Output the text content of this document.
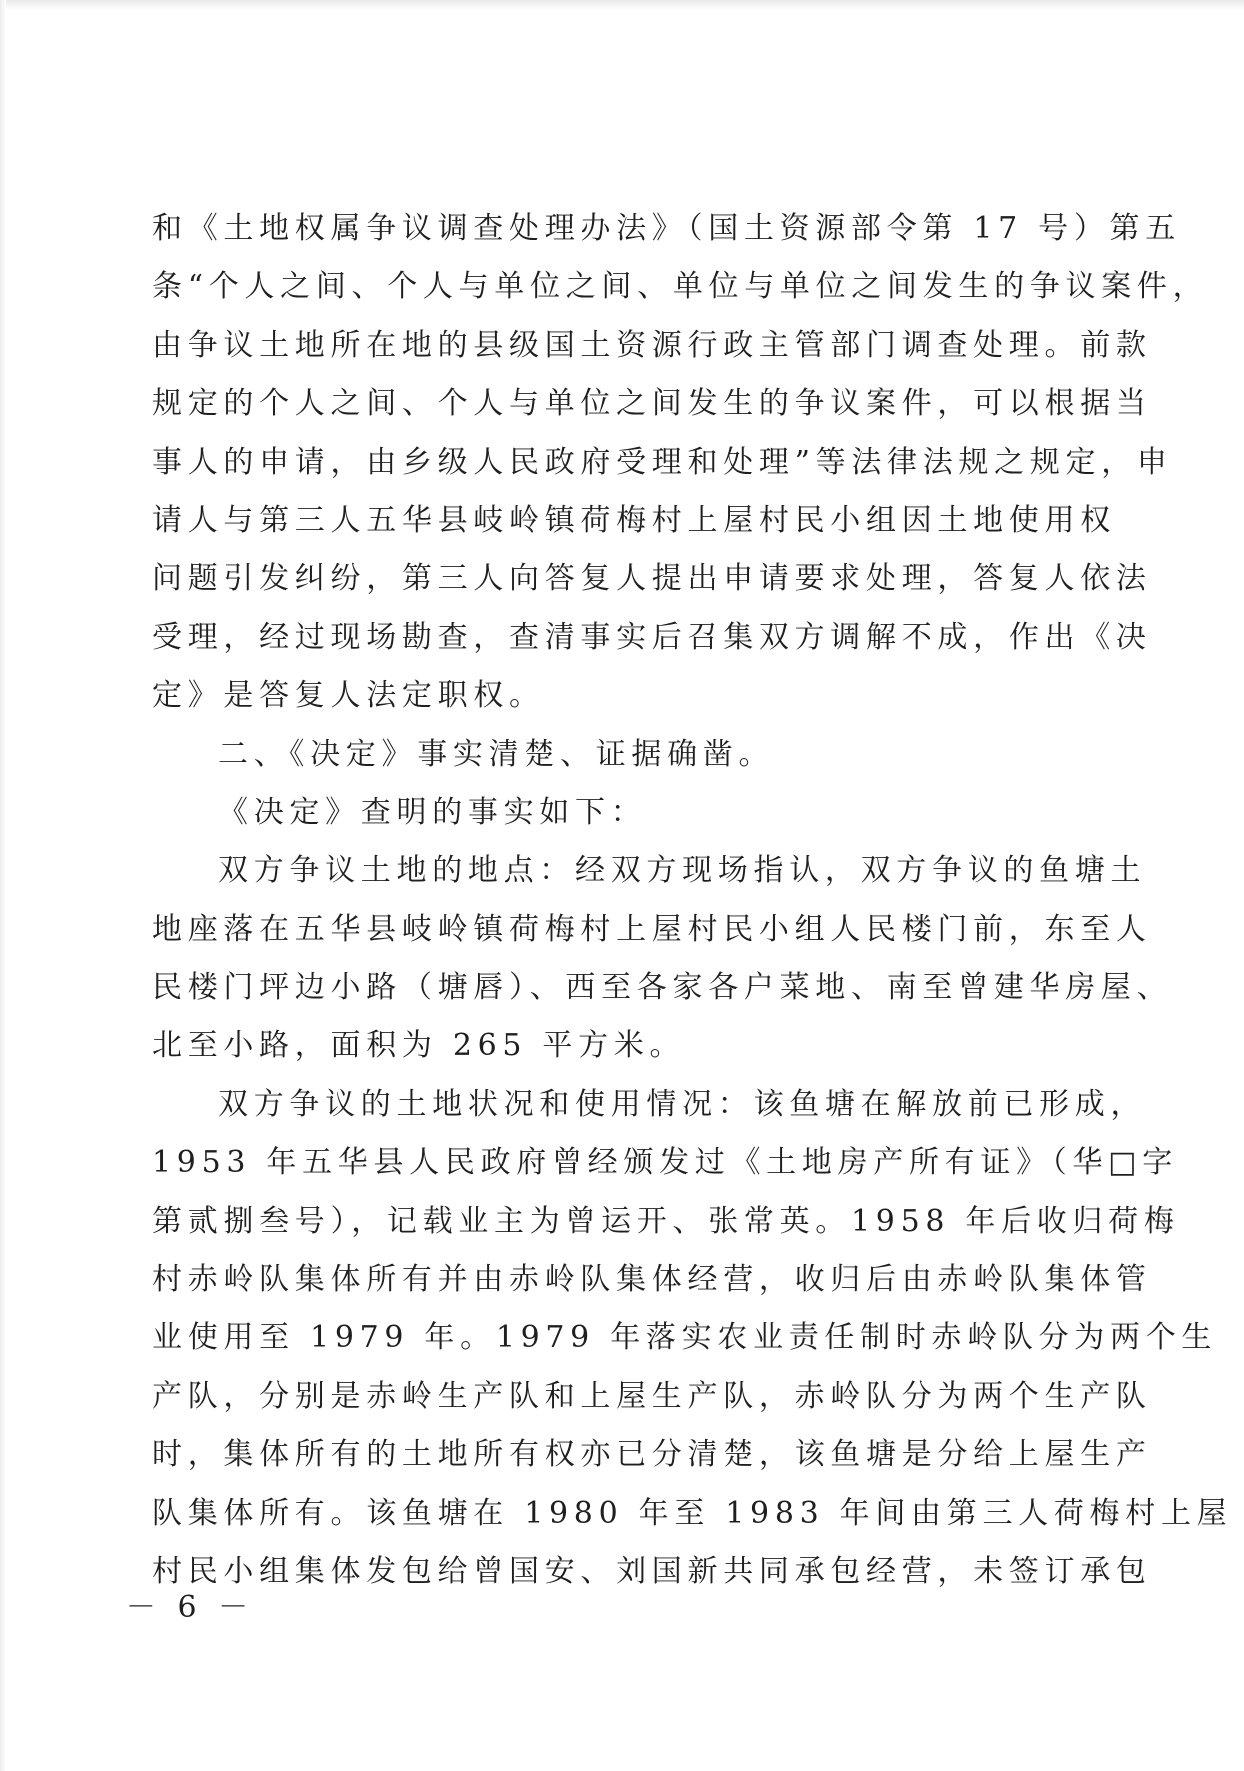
和《土地权属争议调查处理办法》（国土资源部令第 17 号）第五
条“个人之间、个人与单位之间、单位与单位之间发生的争议案件，
由争议土地所在地的县级国土资源行政主管部门调查处理。前款
规定的个人之间、个人与单位之间发生的争议案件，可以根据当
事人的申请，由乡级人民政府受理和处理”等法律法规之规定，申
请人与第三人五华县岐岭镇荷梅村上屋村民小组因土地使用权
问题引发纠纷，第三人向答复人提出申请要求处理，答复人依法
受理，经过现场勘查，查清事实后召集双方调解不成，作出《决
定》是答复人法定职权。
二、《决定》事实清楚、证据确凿。
《决定》查明的事实如下：
双方争议土地的地点：经双方现场指认，双方争议的鱼塘土
地座落在五华县岐岭镇荷梅村上屋村民小组人民楼门前，东至人
民楼门坪边小路（塘唇）、西至各家各户菜地、南至曾建华房屋、
北至小路，面积为 265 平方米。
双方争议的土地状况和使用情况：该鱼塘在解放前已形成，
1953 年五华县人民政府曾经颁发过《土地房产所有证》（华□字
第贰捌叁号），记载业主为曾运开、张常英。1958 年后收归荷梅
村赤岭队集体所有并由赤岭队集体经营，收归后由赤岭队集体管
业使用至 1979 年。1979 年落实农业责任制时赤岭队分为两个生
产队，分别是赤岭生产队和上屋生产队，赤岭队分为两个生产队
时，集体所有的土地所有权亦已分清楚，该鱼塘是分给上屋生产
队集体所有。该鱼塘在 1980 年至 1983 年间由第三人荷梅村上屋
村民小组集体发包给曾国安、刘国新共同承包经营，未签订承包
－ 6 －
